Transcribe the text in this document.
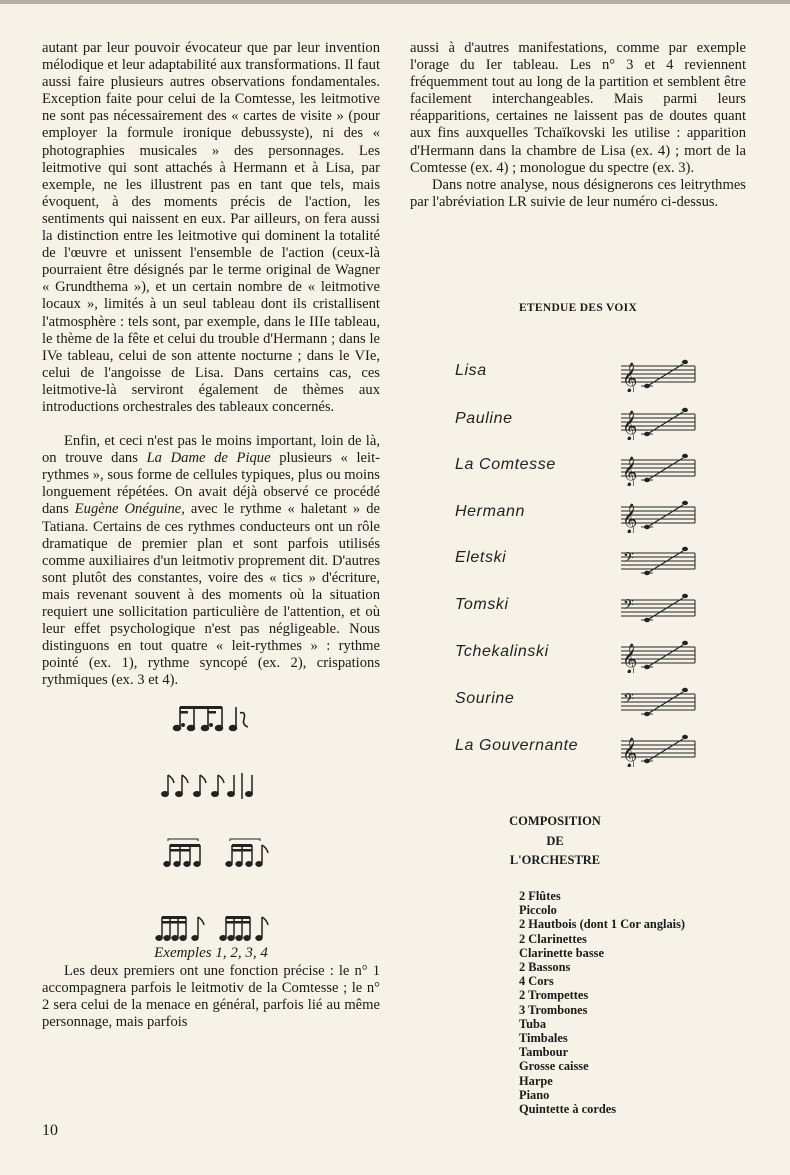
autant par leur pouvoir évocateur que par leur invention mélodique et leur adaptabilité aux transformations. Il faut aussi faire plusieurs autres observations fondamentales. Exception faite pour celui de la Comtesse, les leitmotive ne sont pas nécessairement des « cartes de visite » (pour employer la formule ironique debussyste), ni des « photographies musicales » des personnages. Les leitmotive qui sont attachés à Hermann et à Lisa, par exemple, ne les illustrent pas en tant que tels, mais évoquent, à des moments précis de l'action, les sentiments qui naissent en eux. Par ailleurs, on fera aussi la distinction entre les leitmotive qui dominent la totalité de l'œuvre et unissent l'ensemble de l'action (ceux-là pourraient être désignés par le terme original de Wagner « Grundthema »), et un certain nombre de « leitmotive locaux », limités à un seul tableau dont ils cristallisent l'atmosphère : tels sont, par exemple, dans le IIIe tableau, le thème de la fête et celui du trouble d'Hermann ; dans le IVe tableau, celui de son attente nocturne ; dans le VIe, celui de l'angoisse de Lisa. Dans certains cas, ces leitmotive-là serviront également de thèmes aux introductions orchestrales des tableaux concernés.

Enfin, et ceci n'est pas le moins important, loin de là, on trouve dans La Dame de Pique plusieurs « leit-rythmes », sous forme de cellules typiques, plus ou moins longuement répétées. On avait déjà observé ce procédé dans Eugène Onéguine, avec le rythme « haletant » de Tatiana. Certains de ces rythmes conducteurs ont un rôle dramatique de premier plan et sont parfois utilisés comme auxiliaires d'un leitmotiv proprement dit. D'autres sont plutôt des constantes, voire des « tics » d'écriture, mais revenant souvent à des moments où la situation requiert une sollicitation particulière de l'attention, et où leur effet psychologique n'est pas négligeable. Nous distinguons en tout quatre « leit-rythmes » : rythme pointé (ex. 1), rythme syncopé (ex. 2), crispations rythmiques (ex. 3 et 4).

Exemples 1, 2, 3, 4

Les deux premiers ont une fonction précise : le n° 1 accompagnera parfois le leitmotiv de la Comtesse ; le n° 2 sera celui de la menace en général, parfois lié au même personnage, mais parfois

aussi à d'autres manifestations, comme par exemple l'orage du Ier tableau. Les n° 3 et 4 reviennent fréquemment tout au long de la partition et semblent être facilement interchangeables. Mais parmi leurs réapparitions, certaines ne laissent pas de doutes quant aux fins auxquelles Tchaïkovski les utilise : apparition d'Hermann dans la chambre de Lisa (ex. 4) ; mort de la Comtesse (ex. 4) ; monologue du spectre (ex. 3).

Dans notre analyse, nous désignerons ces leitrythmes par l'abréviation LR suivie de leur numéro ci-dessus.

ETENDUE DES VOIX
Lisa	𝄞
Pauline	𝄞
La Comtesse	𝄞
Hermann	𝄞
Eletski	𝄢
Tomski	𝄢
Tchekalinski	𝄞
Sourine	𝄢
La Gouvernante 𝄞
COMPOSITION
DE
L'ORCHESTRE
2 Flûtes
Piccolo
2 Hautbois (dont 1 Cor anglais)
2 Clarinettes
Clarinette basse
2 Bassons
4 Cors
2 Trompettes
3 Trombones
Tuba
Timbales
Tambour
Grosse caisse
Harpe
Piano
Quintette à cordes
10
